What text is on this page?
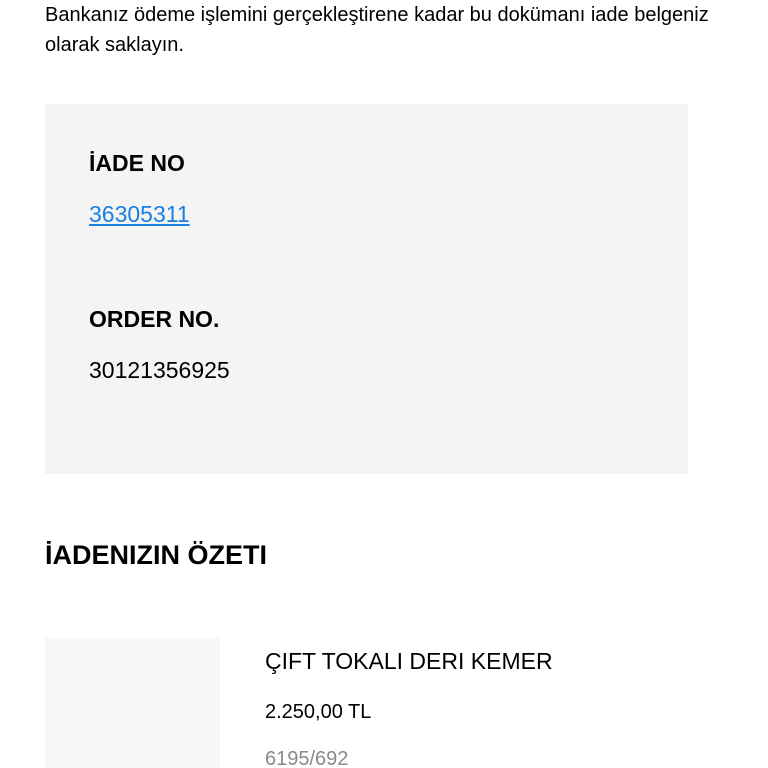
Bankanız ödeme işlemini gerçekleştirene kadar bu dokümanı iade belgeniz olarak saklayın.

İADE NO

36305311

ORDER NO.

30121356925

İADENIZIN ÖZETI

ÇIFT TOKALI DERI KEMER

2.250,00 TL

6195/692
